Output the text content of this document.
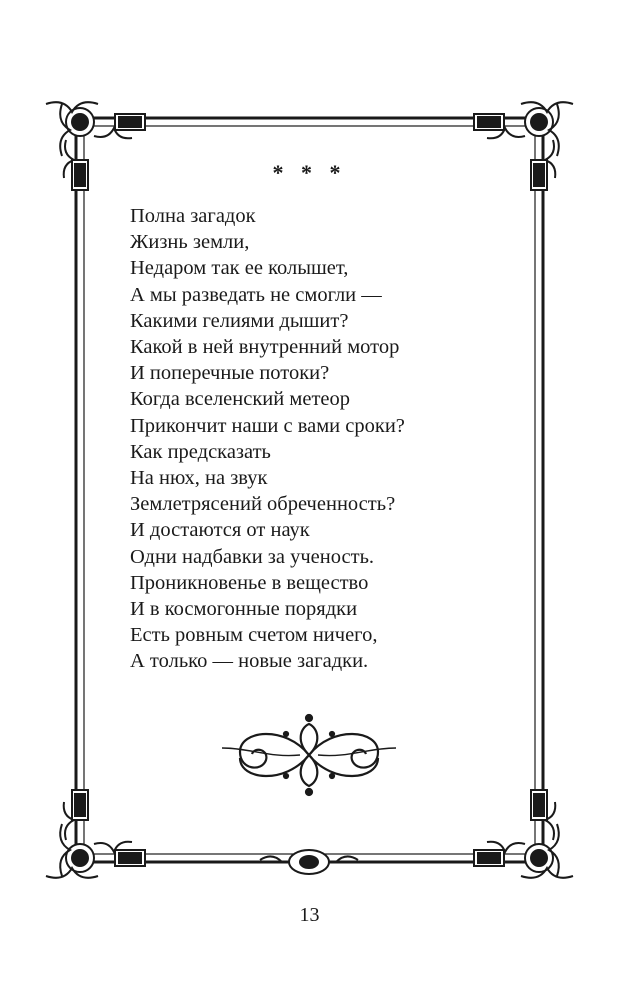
* * *
Полна загадок
Жизнь земли,
Недаром так ее колышет,
А мы разведать не смогли —
Какими гелиями дышит?
Какой в ней внутренний мотор
И поперечные потоки?
Когда вселенский метеор
Прикончит наши с вами сроки?
Как предсказать
На нюх, на звук
Землетрясений обреченность?
И достаются от наук
Одни надбавки за ученость.
Проникновенье в вещество
И в космогонные порядки
Есть ровным счетом ничего,
А только — новые загадки.
13
